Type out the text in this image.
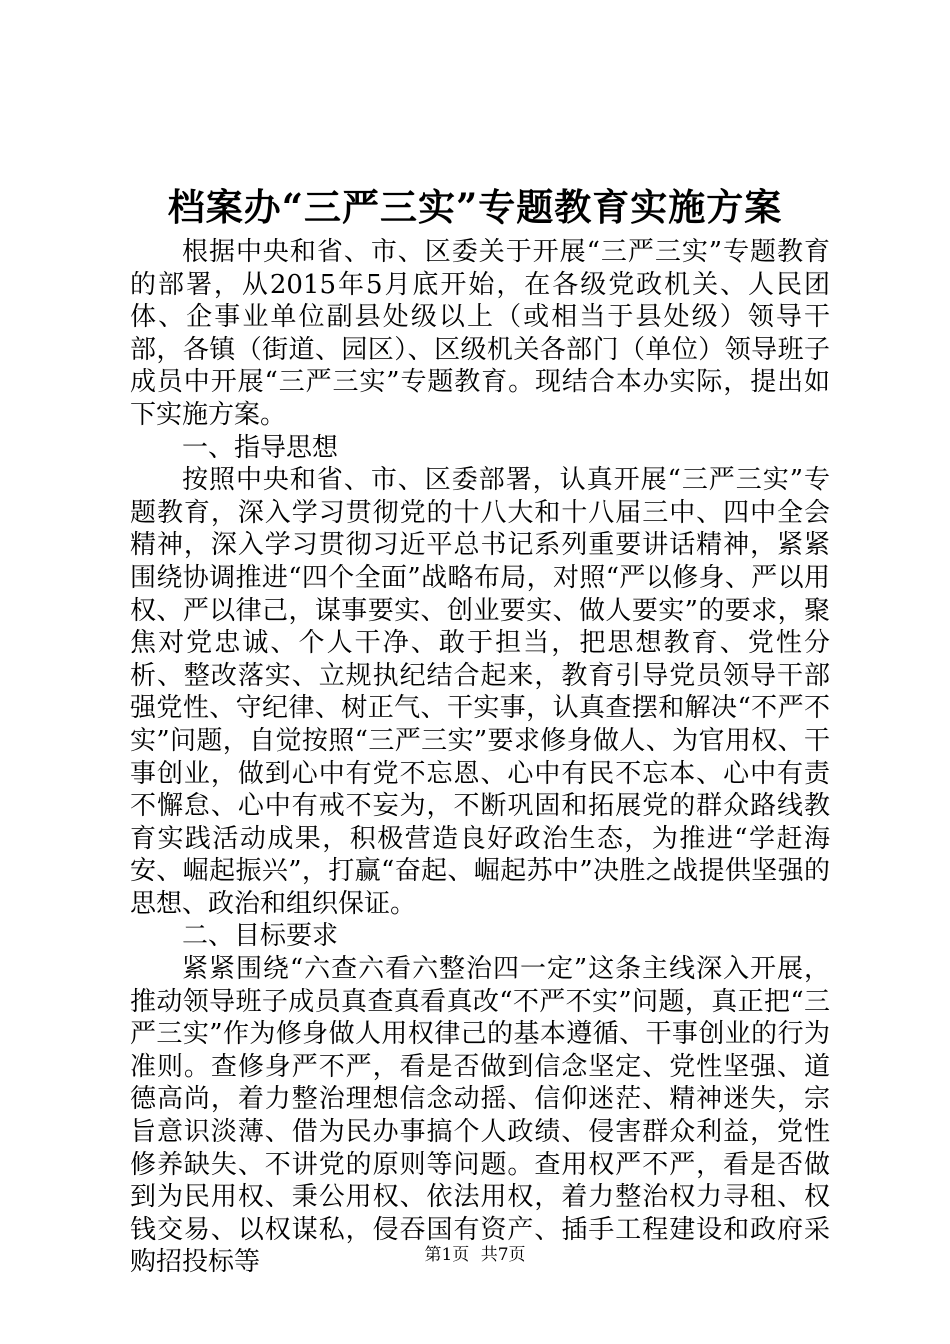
档案办“三严三实”专题教育实施方案

根据中央和省、市、区委关于开展“三严三实”专题教育的部署，从2015年5月底开始，在各级党政机关、人民团体、企事业单位副县处级以上（或相当于县处级）领导干部，各镇（街道、园区）、区级机关各部门（单位）领导班子成员中开展“三严三实”专题教育。现结合本办实际，提出如下实施方案。

一、指导思想

按照中央和省、市、区委部署，认真开展“三严三实”专题教育，深入学习贯彻党的十八大和十八届三中、四中全会精神，深入学习贯彻习近平总书记系列重要讲话精神，紧紧围绕协调推进“四个全面”战略布局，对照“严以修身、严以用权、严以律己，谋事要实、创业要实、做人要实”的要求，聚焦对党忠诚、个人干净、敢于担当，把思想教育、党性分析、整改落实、立规执纪结合起来，教育引导党员领导干部强党性、守纪律、树正气、干实事，认真查摆和解决“不严不实”问题，自觉按照“三严三实”要求修身做人、为官用权、干事创业，做到心中有党不忘恩、心中有民不忘本、心中有责不懈怠、心中有戒不妄为，不断巩固和拓展党的群众路线教育实践活动成果，积极营造良好政治生态，为推进“学赶海安、崛起振兴”，打赢“奋起、崛起苏中”决胜之战提供坚强的思想、政治和组织保证。

二、目标要求

紧紧围绕“六查六看六整治四一定”这条主线深入开展，推动领导班子成员真查真看真改“不严不实”问题，真正把“三严三实”作为修身做人用权律己的基本遵循、干事创业的行为准则。查修身严不严，看是否做到信念坚定、党性坚强、道德高尚，着力整治理想信念动摇、信仰迷茫、精神迷失，宗旨意识淡薄、借为民办事搞个人政绩、侵害群众利益，党性修养缺失、不讲党的原则等问题。查用权严不严，看是否做到为民用权、秉公用权、依法用权，着力整治权力寻租、权钱交易、以权谋私，侵吞国有资产、插手工程建设和政府采购招投标等	第1页 共7页
